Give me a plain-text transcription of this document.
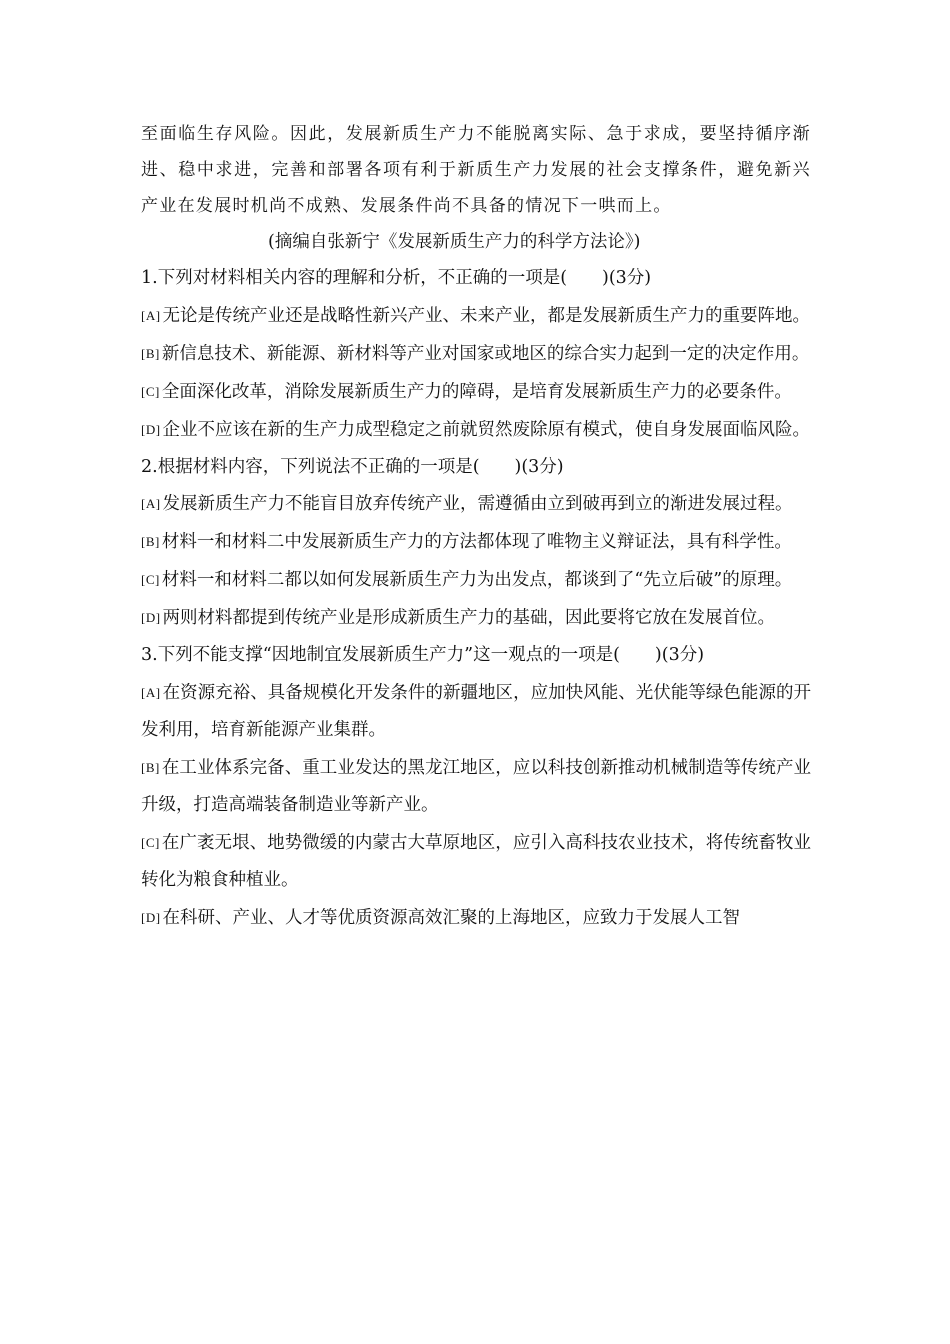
至面临生存风险。因此，发展新质生产力不能脱离实际、急于求成，要坚持循序渐进、稳中求进，完善和部署各项有利于新质生产力发展的社会支撑条件，避免新兴产业在发展时机尚不成熟、发展条件尚不具备的情况下一哄而上。

(摘编自张新宁《发展新质生产力的科学方法论》)

1.下列对材料相关内容的理解和分析，不正确的一项是(　　)(3分)

[A] 无论是传统产业还是战略性新兴产业、未来产业，都是发展新质生产力的重要阵地。

[B] 新信息技术、新能源、新材料等产业对国家或地区的综合实力起到一定的决定作用。

[C] 全面深化改革，消除发展新质生产力的障碍，是培育发展新质生产力的必要条件。

[D] 企业不应该在新的生产力成型稳定之前就贸然废除原有模式，使自身发展面临风险。

2.根据材料内容，下列说法不正确的一项是(　　)(3分)

[A] 发展新质生产力不能盲目放弃传统产业，需遵循由立到破再到立的渐进发展过程。

[B] 材料一和材料二中发展新质生产力的方法都体现了唯物主义辩证法，具有科学性。

[C] 材料一和材料二都以如何发展新质生产力为出发点，都谈到了“先立后破”的原理。

[D] 两则材料都提到传统产业是形成新质生产力的基础，因此要将它放在发展首位。

3.下列不能支撑“因地制宜发展新质生产力”这一观点的一项是(　　)(3分)

[A] 在资源充裕、具备规模化开发条件的新疆地区，应加快风能、光伏能等绿色能源的开发利用，培育新能源产业集群。

[B] 在工业体系完备、重工业发达的黑龙江地区，应以科技创新推动机械制造等传统产业升级，打造高端装备制造业等新产业。

[C] 在广袤无垠、地势微缓的内蒙古大草原地区，应引入高科技农业技术，将传统畜牧业转化为粮食种植业。

[D] 在科研、产业、人才等优质资源高效汇聚的上海地区，应致力于发展人工智
